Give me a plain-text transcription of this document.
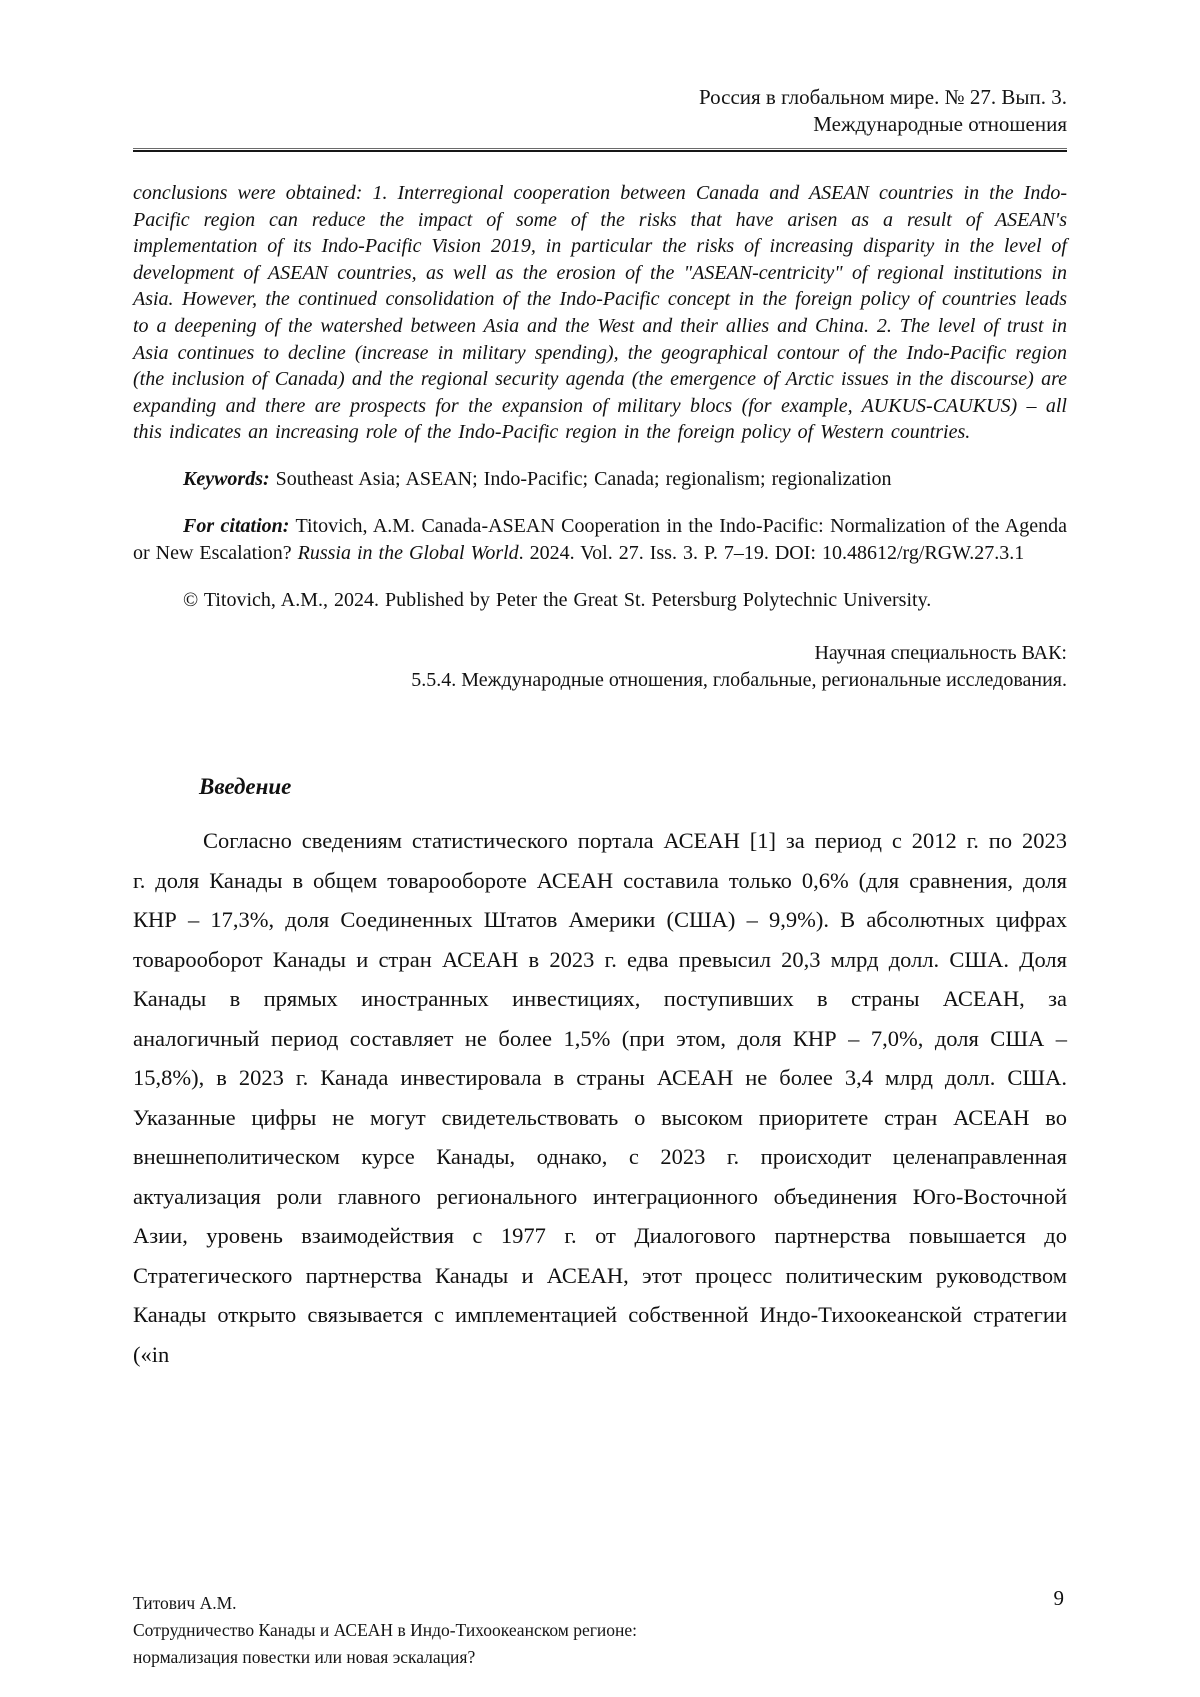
Россия в глобальном мире. № 27. Вып. 3.
Международные отношения

conclusions were obtained: 1. Interregional cooperation between Canada and ASEAN countries in the Indo-Pacific region can reduce the impact of some of the risks that have arisen as a result of ASEAN's implementation of its Indo-Pacific Vision 2019, in particular the risks of increasing disparity in the level of development of ASEAN countries, as well as the erosion of the "ASEAN-centricity" of regional institutions in Asia. However, the continued consolidation of the Indo-Pacific concept in the foreign policy of countries leads to a deepening of the watershed between Asia and the West and their allies and China. 2. The level of trust in Asia continues to decline (increase in military spending), the geographical contour of the Indo-Pacific region (the inclusion of Canada) and the regional security agenda (the emergence of Arctic issues in the discourse) are expanding and there are prospects for the expansion of military blocs (for example, AUKUS-CAUKUS) – all this indicates an increasing role of the Indo-Pacific region in the foreign policy of Western countries.

Keywords: Southeast Asia; ASEAN; Indo-Pacific; Canada; regionalism; regionalization

For citation: Titovich, A.M. Canada-ASEAN Cooperation in the Indo-Pacific: Normalization of the Agenda or New Escalation? Russia in the Global World. 2024. Vol. 27. Iss. 3. P. 7–19. DOI: 10.48612/rg/RGW.27.3.1

© Titovich, A.M., 2024. Published by Peter the Great St. Petersburg Polytechnic University.

Научная специальность ВАК:
5.5.4. Международные отношения, глобальные, региональные исследования.
Введение

Согласно сведениям статистического портала АСЕАН [1] за период с 2012 г. по 2023 г. доля Канады в общем товарообороте АСЕАН составила только 0,6% (для сравнения, доля КНР – 17,3%, доля Соединенных Штатов Америки (США) – 9,9%). В абсолютных цифрах товарооборот Канады и стран АСЕАН в 2023 г. едва превысил 20,3 млрд долл. США. Доля Канады в прямых иностранных инвестициях, поступивших в страны АСЕАН, за аналогичный период составляет не более 1,5% (при этом, доля КНР – 7,0%, доля США – 15,8%), в 2023 г. Канада инвестировала в страны АСЕАН не более 3,4 млрд долл. США. Указанные цифры не могут свидетельствовать о высоком приоритете стран АСЕАН во внешнеполитическом курсе Канады, однако, с 2023 г. происходит целенаправленная актуализация роли главного регионального интеграционного объединения Юго-Восточной Азии, уровень взаимодействия с 1977 г. от Диалогового партнерства повышается до Стратегического партнерства Канады и АСЕАН, этот процесс политическим руководством Канады открыто связывается с имплементацией собственной Индо-Тихоокеанской стратегии («in

Титович А.М.
Сотрудничество Канады и АСЕАН в Индо-Тихоокеанском регионе:
нормализация повестки или новая эскалация?
9
